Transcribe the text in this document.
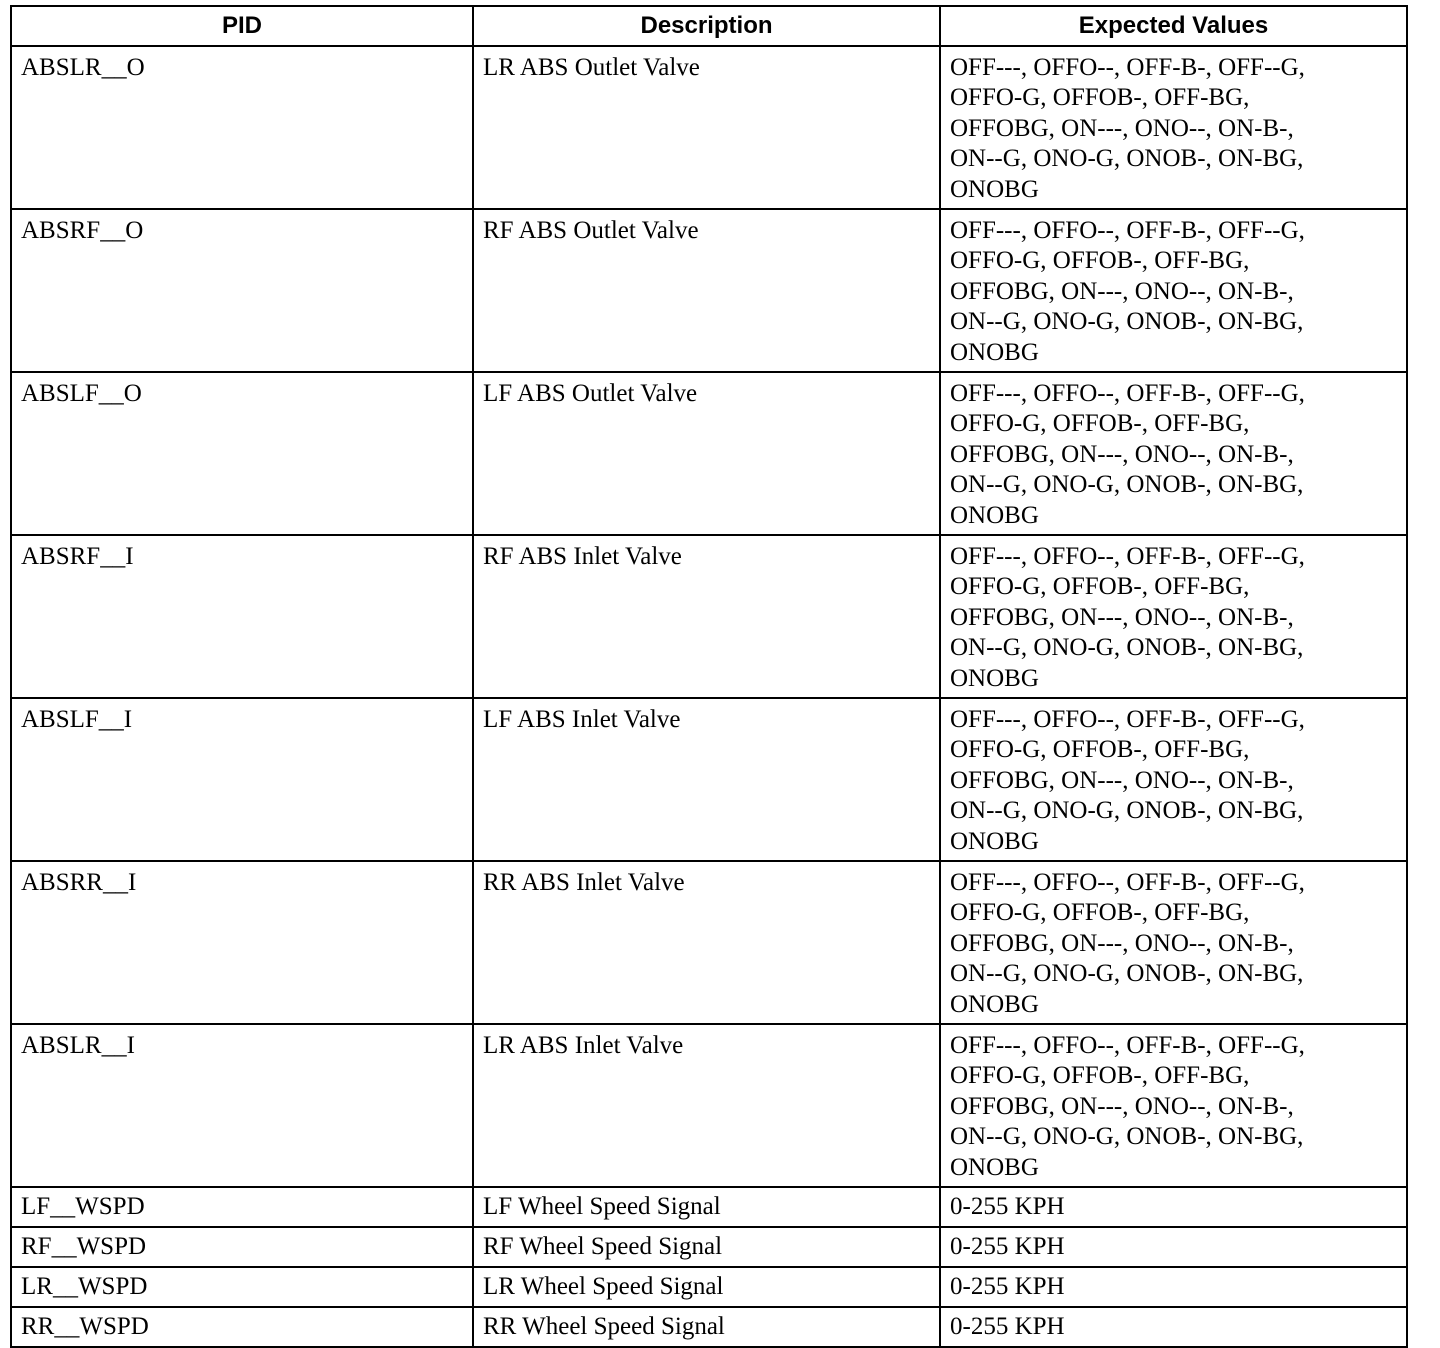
PID	Description	Expected Values
ABSLR__O	LR ABS Outlet Valve	OFF---, OFFO--, OFF-B-, OFF--G,
OFFO-G, OFFOB-, OFF-BG,
OFFOBG, ON---, ONO--, ON-B-,
ON--G, ONO-G, ONOB-, ON-BG,
ONOBG

ABSRF__O	RF ABS Outlet Valve	OFF---, OFFO--, OFF-B-, OFF--G,
OFFO-G, OFFOB-, OFF-BG,
OFFOBG, ON---, ONO--, ON-B-,
ON--G, ONO-G, ONOB-, ON-BG,
ONOBG

ABSLF__O	LF ABS Outlet Valve	OFF---, OFFO--, OFF-B-, OFF--G,
OFFO-G, OFFOB-, OFF-BG,
OFFOBG, ON---, ONO--, ON-B-,
ON--G, ONO-G, ONOB-, ON-BG,
ONOBG

ABSRF__I	RF ABS Inlet Valve	OFF---, OFFO--, OFF-B-, OFF--G,
OFFO-G, OFFOB-, OFF-BG,
OFFOBG, ON---, ONO--, ON-B-,
ON--G, ONO-G, ONOB-, ON-BG,
ONOBG

ABSLF__I	LF ABS Inlet Valve	OFF---, OFFO--, OFF-B-, OFF--G,
OFFO-G, OFFOB-, OFF-BG,
OFFOBG, ON---, ONO--, ON-B-,
ON--G, ONO-G, ONOB-, ON-BG,
ONOBG

ABSRR__I	RR ABS Inlet Valve	OFF---, OFFO--, OFF-B-, OFF--G,
OFFO-G, OFFOB-, OFF-BG,
OFFOBG, ON---, ONO--, ON-B-,
ON--G, ONO-G, ONOB-, ON-BG,
ONOBG

ABSLR__I	LR ABS Inlet Valve	OFF---, OFFO--, OFF-B-, OFF--G,
OFFO-G, OFFOB-, OFF-BG,
OFFOBG, ON---, ONO--, ON-B-,
ON--G, ONO-G, ONOB-, ON-BG,
ONOBG

LF__WSPD	LF Wheel Speed Signal	0-255 KPH

RF__WSPD	RF Wheel Speed Signal	0-255 KPH

LR__WSPD	LR Wheel Speed Signal	0-255 KPH

RR__WSPD	RR Wheel Speed Signal	0-255 KPH
